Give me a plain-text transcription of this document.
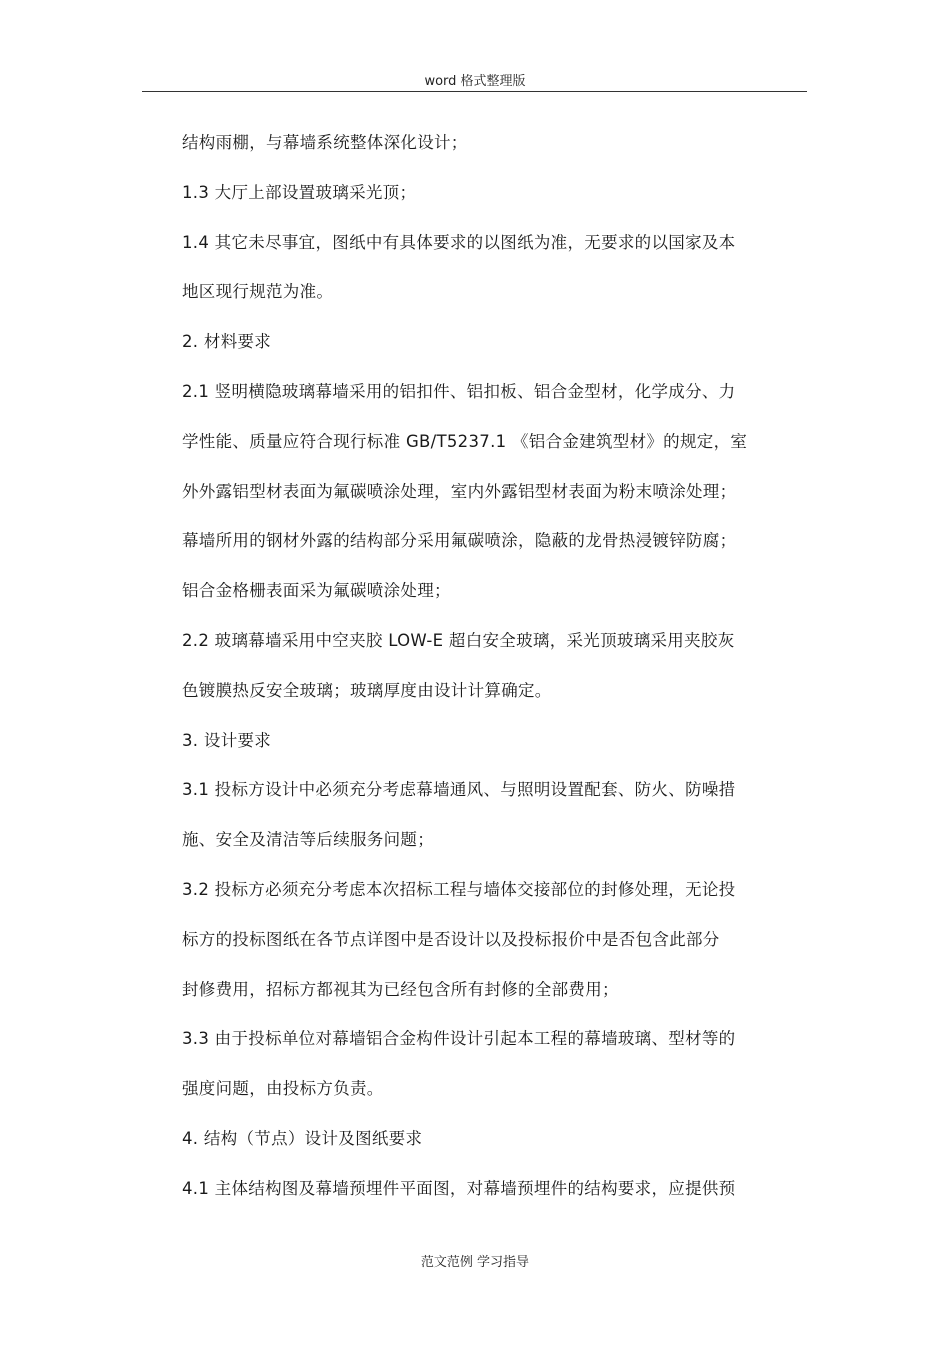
word 格式整理版
结构雨棚，与幕墙系统整体深化设计；
1.3 大厅上部设置玻璃采光顶；
1.4 其它未尽事宜，图纸中有具体要求的以图纸为准，无要求的以国家及本
地区现行规范为准。
2. 材料要求
2.1 竖明横隐玻璃幕墙采用的铝扣件、铝扣板、铝合金型材，化学成分、力
学性能、质量应符合现行标准 GB/T5237.1 《铝合金建筑型材》的规定，室
外外露铝型材表面为氟碳喷涂处理，室内外露铝型材表面为粉末喷涂处理；
幕墙所用的钢材外露的结构部分采用氟碳喷涂，隐蔽的龙骨热浸镀锌防腐；
铝合金格栅表面采为氟碳喷涂处理；
2.2 玻璃幕墙采用中空夹胶 LOW-E 超白安全玻璃，采光顶玻璃采用夹胶灰
色镀膜热反安全玻璃；玻璃厚度由设计计算确定。
3. 设计要求
3.1 投标方设计中必须充分考虑幕墙通风、与照明设置配套、防火、防噪措
施、安全及清洁等后续服务问题；
3.2 投标方必须充分考虑本次招标工程与墙体交接部位的封修处理，无论投
标方的投标图纸在各节点详图中是否设计以及投标报价中是否包含此部分
封修费用，招标方都视其为已经包含所有封修的全部费用；
3.3 由于投标单位对幕墙铝合金构件设计引起本工程的幕墙玻璃、型材等的
强度问题，由投标方负责。
4. 结构（节点）设计及图纸要求
4.1 主体结构图及幕墙预埋件平面图，对幕墙预埋件的结构要求，应提供预
范文范例 学习指导
